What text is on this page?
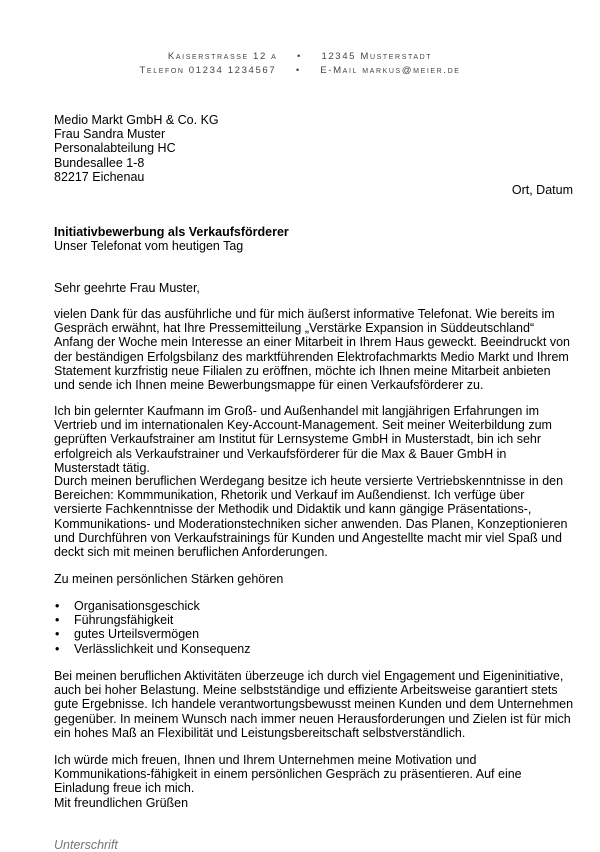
Kaiserstrasse 12 a • 12345 Musterstadt
Telefon 01234 1234567 • E-Mail markus@meier.de
Medio Markt GmbH & Co. KG
Frau Sandra Muster
Personalabteilung HC
Bundesallee 1-8
82217 Eichenau
Ort, Datum
Initiativbewerbung als Verkaufsförderer
Unser Telefonat vom heutigen Tag
Sehr geehrte Frau Muster,
vielen Dank für das ausführliche und für mich äußerst informative Telefonat. Wie bereits im Gespräch erwähnt, hat Ihre Pressemitteilung „Verstärke Expansion in Süddeutschland“ Anfang der Woche mein Interesse an einer Mitarbeit in Ihrem Haus geweckt. Beeindruckt von der beständigen Erfolgsbilanz des marktführenden Elektrofachmarkts Medio Markt und Ihrem Statement kurzfristig neue Filialen zu eröffnen, möchte ich Ihnen meine Mitarbeit anbieten und sende ich Ihnen meine Bewerbungsmappe für einen Verkaufsförderer zu.
Ich bin gelernter Kaufmann im Groß- und Außenhandel mit langjährigen Erfahrungen im Vertrieb und im internationalen Key-Account-Management. Seit meiner Weiterbildung zum geprüften Verkaufstrainer am Institut für Lernsysteme GmbH in Musterstadt, bin ich sehr erfolgreich als Verkaufstrainer und Verkaufsförderer für die Max & Bauer GmbH in Musterstadt tätig.
Durch meinen beruflichen Werdegang besitze ich heute versierte Vertriebskenntnisse in den Bereichen: Kommmunikation, Rhetorik und Verkauf im Außendienst. Ich verfüge über versierte Fachkenntnisse der Methodik und Didaktik und kann gängige Präsentations-, Kommunikations- und Moderationstechniken sicher anwenden. Das Planen, Konzeptionieren und Durchführen von Verkaufstrainings für Kunden und Angestellte macht mir viel Spaß und deckt sich mit meinen beruflichen Anforderungen.
Zu meinen persönlichen Stärken gehören
• Organisationsgeschick
• Führungsfähigkeit
• gutes Urteilsvermögen
• Verlässlichkeit und Konsequenz
Bei meinen beruflichen Aktivitäten überzeuge ich durch viel Engagement und Eigeninitiative, auch bei hoher Belastung. Meine selbstständige und effiziente Arbeitsweise garantiert stets gute Ergebnisse. Ich handele verantwortungsbewusst meinen Kunden und dem Unternehmen gegenüber. In meinem Wunsch nach immer neuen Herausforderungen und Zielen ist für mich ein hohes Maß an Flexibilität und Leistungsbereitschaft selbstverständlich.
Ich würde mich freuen, Ihnen und Ihrem Unternehmen meine Motivation und Kommunikations-fähigkeit in einem persönlichen Gespräch zu präsentieren. Auf eine Einladung freue ich mich.
Mit freundlichen Grüßen
Unterschrift
